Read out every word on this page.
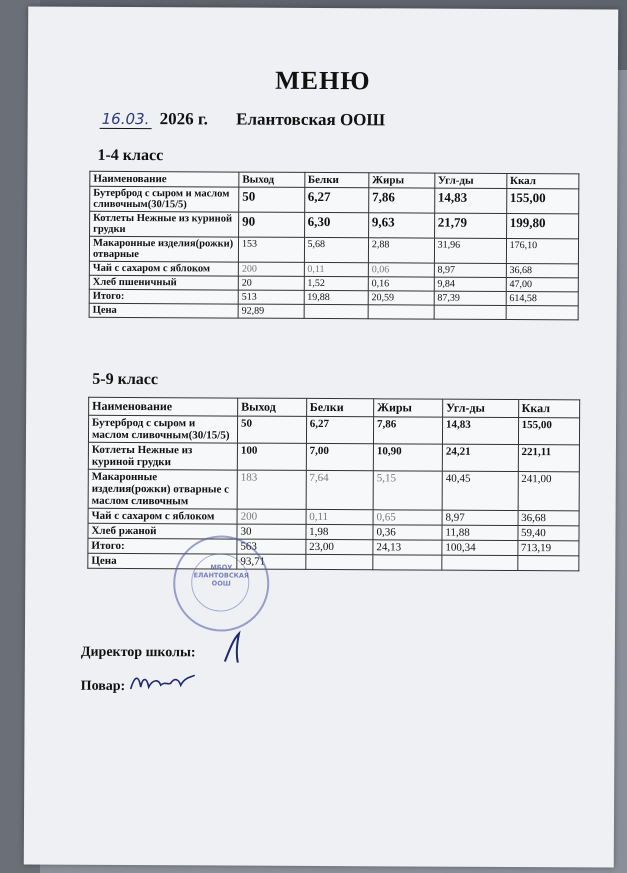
МЕНЮ
16.03. 2026 г. Елантовская ООШ
1-4 класс
Наименование	Выход	Белки	Жиры	Угл-ды	Ккал
Бутерброд с сыром и маслом сливочным(30/15/5)	50	6,27	7,86	14,83	155,00
Котлеты Нежные из куриной грудки	90	6,30	9,63	21,79	199,80
Макаронные изделия(рожки) отварные	153	5,68	2,88	31,96	176,10
Чай с сахаром с яблоком	200	0,11	0,06	8,97	36,68
Хлеб пшеничный	20	1,52	0,16	9,84	47,00
Итого:	513	19,88	20,59	87,39	614,58
Цена	92,89				
5-9 класс
Наименование	Выход	Белки	Жиры	Угл-ды	Ккал
Бутерброд с сыром и маслом сливочным(30/15/5)	50	6,27	7,86	14,83	155,00
Котлеты Нежные из куриной грудки	100	7,00	10,90	24,21	221,11
Макаронные изделия(рожки) отварные с маслом сливочным	183	7,64	5,15	40,45	241,00
Чай с сахаром с яблоком	200	0,11	0,65	8,97	36,68
Хлеб ржаной	30	1,98	0,36	11,88	59,40
Итого:	563	23,00	24,13	100,34	713,19
Цена	93,71				
МБОУ
ЕЛАНТОВСКАЯ
ООШ
Директор школы:
Повар:
